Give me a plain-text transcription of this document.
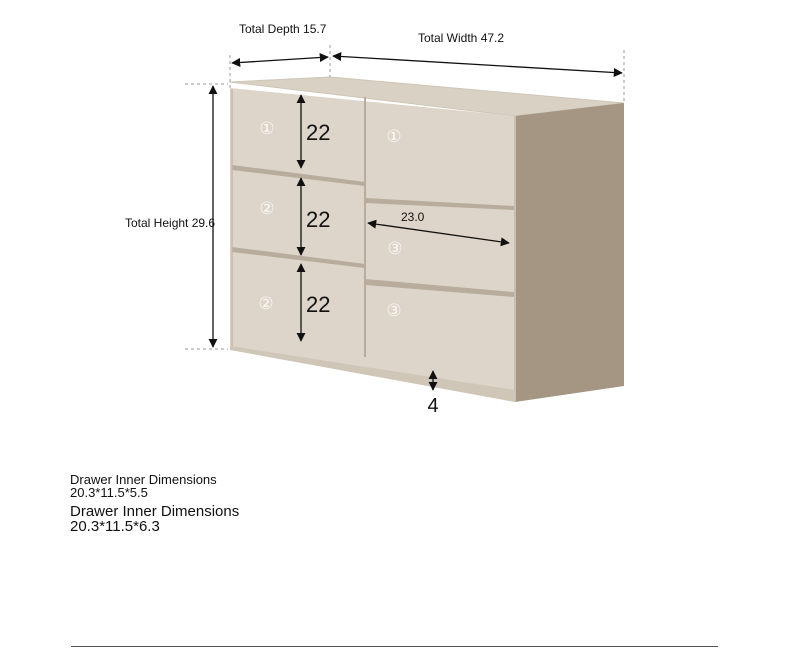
①
②
②
①
③
③
Total Depth 15.7
Total Width 47.2
Total Height 29.6	23.0
22
22
22
4
Drawer Inner Dimensions
20.3*11.5*5.5
Drawer Inner Dimensions
20.3*11.5*6.3
